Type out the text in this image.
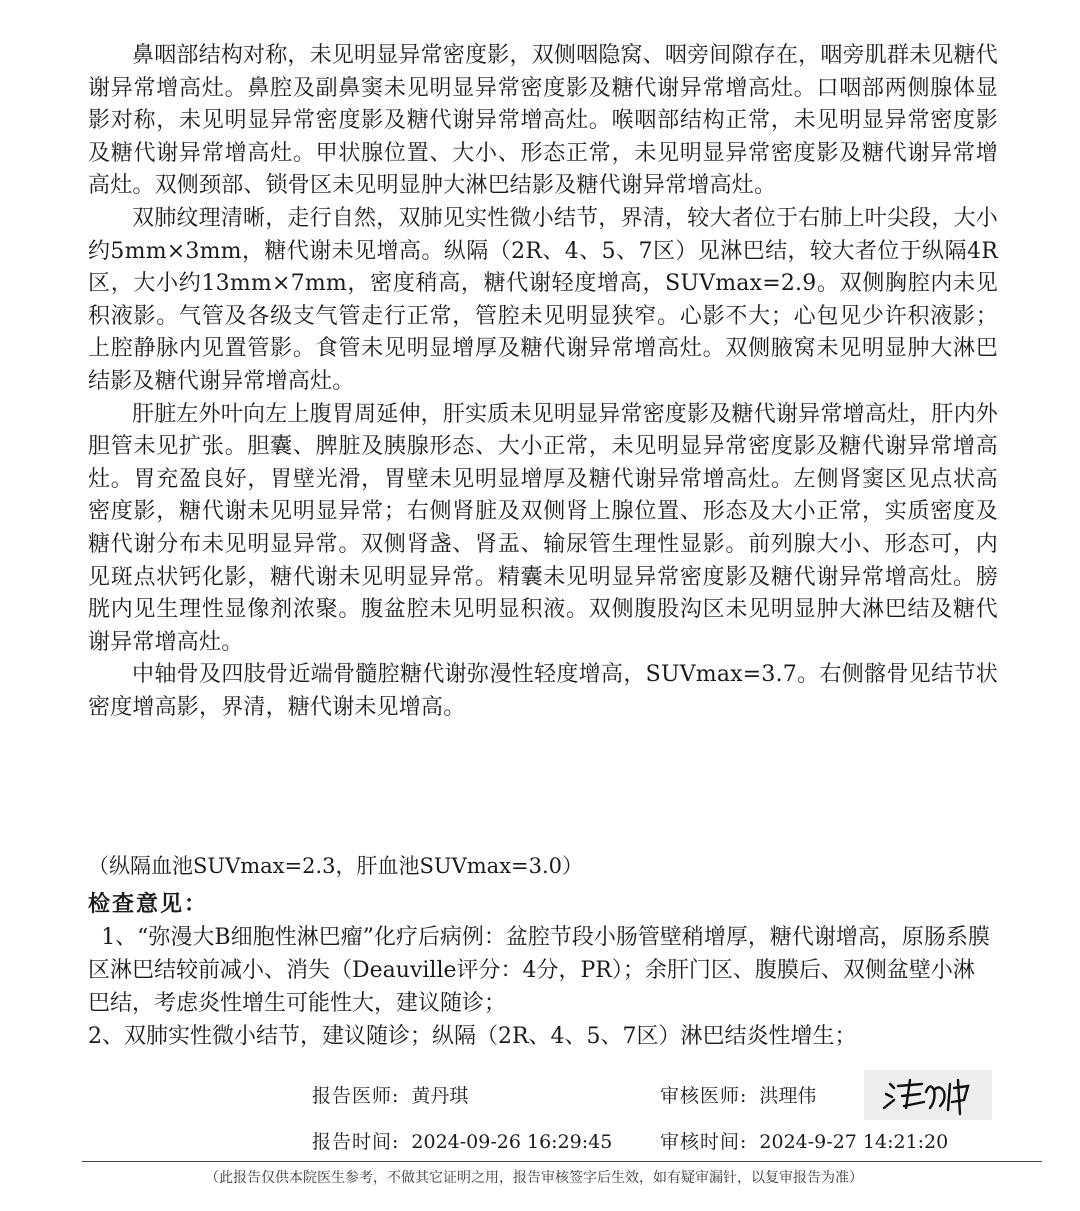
鼻咽部结构对称，未见明显异常密度影，双侧咽隐窝、咽旁间隙存在，咽旁肌群未见糖代谢异常增高灶。鼻腔及副鼻窦未见明显异常密度影及糖代谢异常增高灶。口咽部两侧腺体显影对称，未见明显异常密度影及糖代谢异常增高灶。喉咽部结构正常，未见明显异常密度影及糖代谢异常增高灶。甲状腺位置、大小、形态正常，未见明显异常密度影及糖代谢异常增高灶。双侧颈部、锁骨区未见明显肿大淋巴结影及糖代谢异常增高灶。

双肺纹理清晰，走行自然，双肺见实性微小结节，界清，较大者位于右肺上叶尖段，大小约5mm×3mm，糖代谢未见增高。纵隔（2R、4、5、7区）见淋巴结，较大者位于纵隔4R区，大小约13mm×7mm，密度稍高，糖代谢轻度增高，SUVmax=2.9。双侧胸腔内未见积液影。气管及各级支气管走行正常，管腔未见明显狭窄。心影不大；心包见少许积液影；上腔静脉内见置管影。食管未见明显增厚及糖代谢异常增高灶。双侧腋窝未见明显肿大淋巴结影及糖代谢异常增高灶。

肝脏左外叶向左上腹胃周延伸，肝实质未见明显异常密度影及糖代谢异常增高灶，肝内外胆管未见扩张。胆囊、脾脏及胰腺形态、大小正常，未见明显异常密度影及糖代谢异常增高灶。胃充盈良好，胃壁光滑，胃壁未见明显增厚及糖代谢异常增高灶。左侧肾窦区见点状高密度影，糖代谢未见明显异常；右侧肾脏及双侧肾上腺位置、形态及大小正常，实质密度及糖代谢分布未见明显异常。双侧肾盏、肾盂、输尿管生理性显影。前列腺大小、形态可，内见斑点状钙化影，糖代谢未见明显异常。精囊未见明显异常密度影及糖代谢异常增高灶。膀胱内见生理性显像剂浓聚。腹盆腔未见明显积液。双侧腹股沟区未见明显肿大淋巴结及糖代谢异常增高灶。

中轴骨及四肢骨近端骨髓腔糖代谢弥漫性轻度增高，SUVmax=3.7。右侧髂骨见结节状密度增高影，界清，糖代谢未见增高。

（纵隔血池SUVmax=2.3，肝血池SUVmax=3.0）
检查意见：

1、“弥漫大B细胞性淋巴瘤”化疗后病例：盆腔节段小肠管壁稍增厚，糖代谢增高，原肠系膜区淋巴结较前减小、消失（Deauville评分：4分，PR）；余肝门区、腹膜后、双侧盆壁小淋巴结，考虑炎性增生可能性大，建议随诊；

2、双肺实性微小结节，建议随诊；纵隔（2R、4、5、7区）淋巴结炎性增生；

报告医师: 黄丹琪	审核医师: 洪理伟
报告时间: 2024-09-26 16:29:45	审核时间: 2024-9-27 14:21:20
（此报告仅供本院医生参考，不做其它证明之用，报告审核签字后生效，如有疑审漏针，以复审报告为准）
